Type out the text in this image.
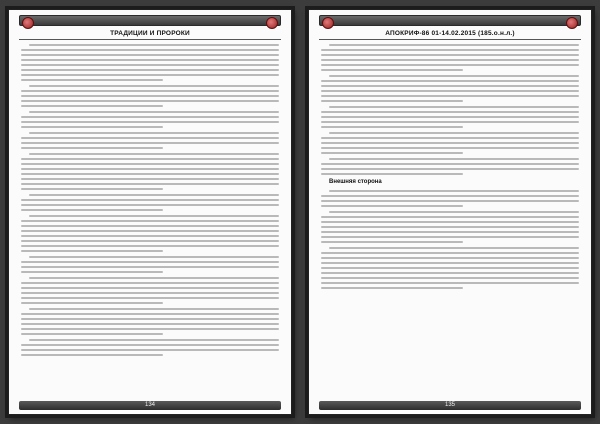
ТРАДИЦИИ И ПРОРОКИ
134
АПОКРИФ-86 01-14.02.2015 (185.о.н.л.)
Внешняя сторона
135
